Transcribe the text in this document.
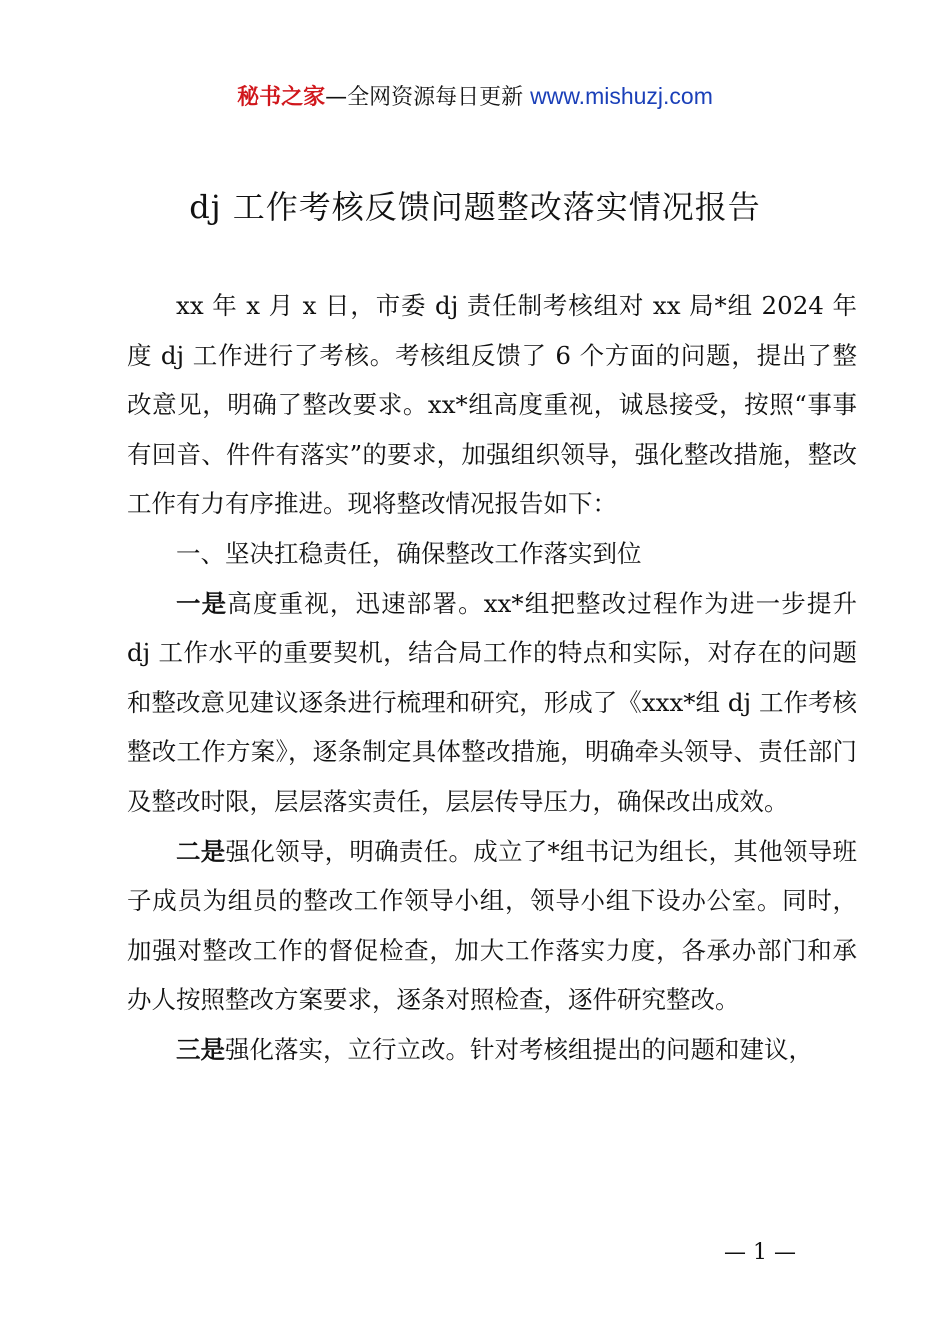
秘书之家—全网资源每日更新 www.mishuzj.com
dj 工作考核反馈问题整改落实情况报告

xx 年 x 月 x 日，市委 dj 责任制考核组对 xx 局*组 2024 年度 dj 工作进行了考核。考核组反馈了 6 个方面的问题，提出了整改意见，明确了整改要求。xx*组高度重视，诚恳接受，按照“事事有回音、件件有落实”的要求，加强组织领导，强化整改措施，整改工作有力有序推进。现将整改情况报告如下：

一、坚决扛稳责任，确保整改工作落实到位

一是高度重视，迅速部署。xx*组把整改过程作为进一步提升 dj 工作水平的重要契机，结合局工作的特点和实际，对存在的问题和整改意见建议逐条进行梳理和研究，形成了《xxx*组 dj 工作考核整改工作方案》，逐条制定具体整改措施，明确牵头领导、责任部门及整改时限，层层落实责任，层层传导压力，确保改出成效。

二是强化领导，明确责任。成立了*组书记为组长，其他领导班子成员为组员的整改工作领导小组，领导小组下设办公室。同时，加强对整改工作的督促检查，加大工作落实力度，各承办部门和承办人按照整改方案要求，逐条对照检查，逐件研究整改。

三是强化落实，立行立改。针对考核组提出的问题和建议，

— 1 —
